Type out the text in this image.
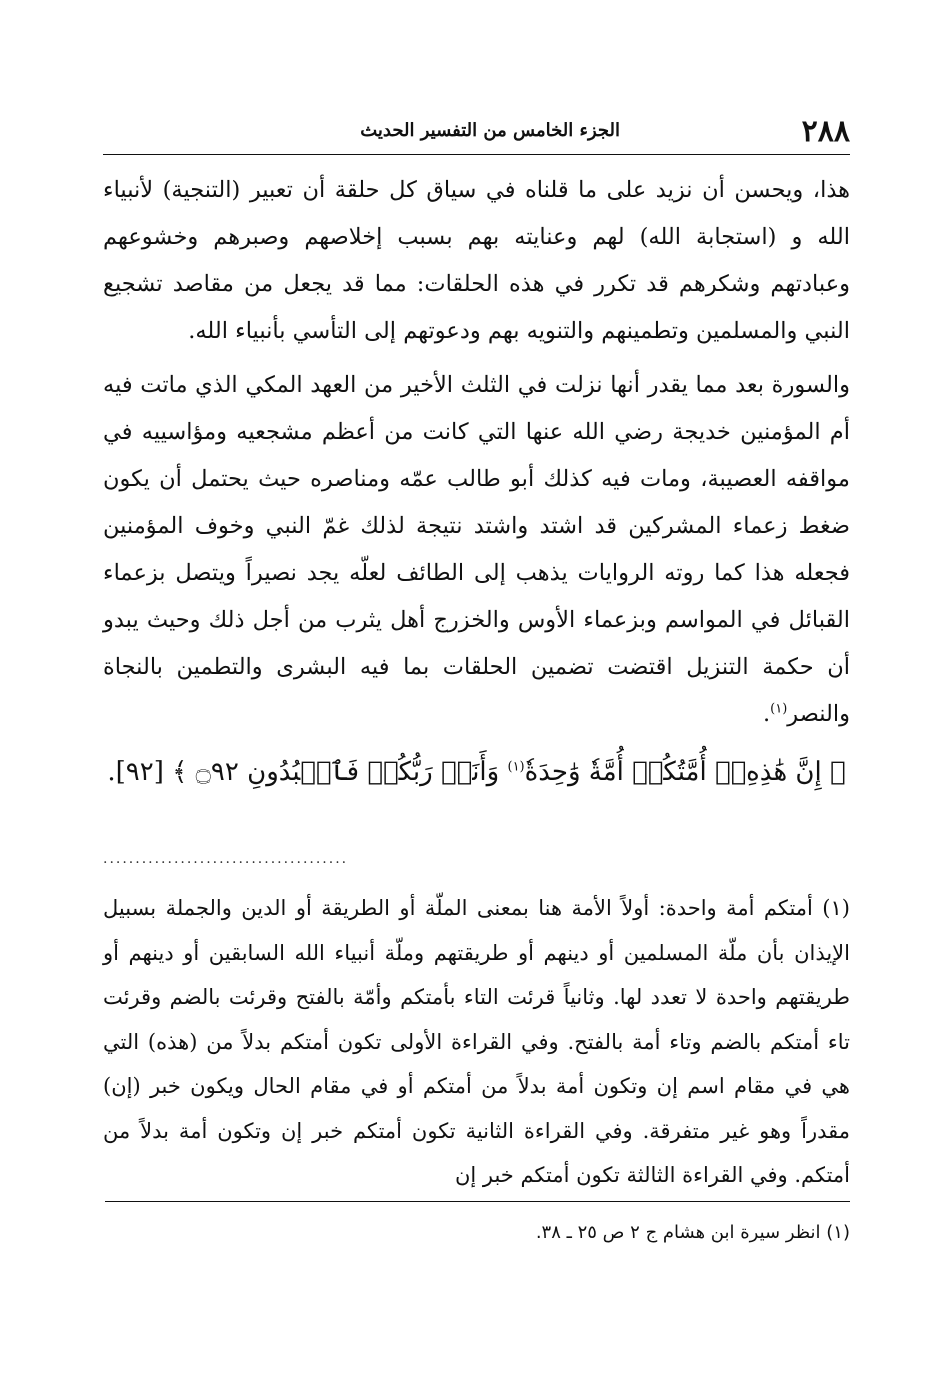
٢٨٨
الجزء الخامس من التفسير الحديث

هذا، ويحسن أن نزيد على ما قلناه في سياق كل حلقة أن تعبير (التنجية) لأنبياء الله و (استجابة الله) لهم وعنايته بهم بسبب إخلاصهم وصبرهم وخشوعهم وعبادتهم وشكرهم قد تكرر في هذه الحلقات: مما قد يجعل من مقاصد تشجيع النبي والمسلمين وتطمينهم والتنويه بهم ودعوتهم إلى التأسي بأنبياء الله.

والسورة بعد مما يقدر أنها نزلت في الثلث الأخير من العهد المكي الذي ماتت فيه أم المؤمنين خديجة رضي الله عنها التي كانت من أعظم مشجعيه ومؤاسييه في مواقفه العصيبة، ومات فيه كذلك أبو طالب عمّه ومناصره حيث يحتمل أن يكون ضغط زعماء المشركين قد اشتد واشتد نتيجة لذلك غمّ النبي وخوف المؤمنين فجعله هذا كما روته الروايات يذهب إلى الطائف لعلّه يجد نصيراً ويتصل بزعماء القبائل في المواسم وبزعماء الأوس والخزرج أهل يثرب من أجل ذلك وحيث يبدو أن حكمة التنزيل اقتضت تضمين الحلقات بما فيه البشرى والتطمين بالنجاة والنصر$^{(١)}$.

﴿ إِنَّ هَٰذِهِۦٓ أُمَّتُكُمۡ أُمَّةٗ وَٰحِدَةٗ$^{(١)}$ وَأَنَا۠ رَبُّكُمۡ فَٱعۡبُدُونِ ۝٩٢ ﴾ [٩٢].
......................................

(١) أمتكم أمة واحدة: أولاً الأمة هنا بمعنى الملّة أو الطريقة أو الدين والجملة بسبيل الإيذان بأن ملّة المسلمين أو دينهم أو طريقتهم وملّة أنبياء الله السابقين أو دينهم أو طريقتهم واحدة لا تعدد لها. وثانياً قرئت التاء بأمتكم وأمّة بالفتح وقرئت بالضم وقرئت تاء أمتكم بالضم وتاء أمة بالفتح. وفي القراءة الأولى تكون أمتكم بدلاً من (هذه) التي هي في مقام اسم إن وتكون أمة بدلاً من أمتكم أو في مقام الحال ويكون خبر (إن) مقدراً وهو غير متفرقة. وفي القراءة الثانية تكون أمتكم خبر إن وتكون أمة بدلاً من أمتكم. وفي القراءة الثالثة تكون أمتكم خبر إن

(١) انظر سيرة ابن هشام ج ٢ ص ٢٥ ـ ٣٨.
